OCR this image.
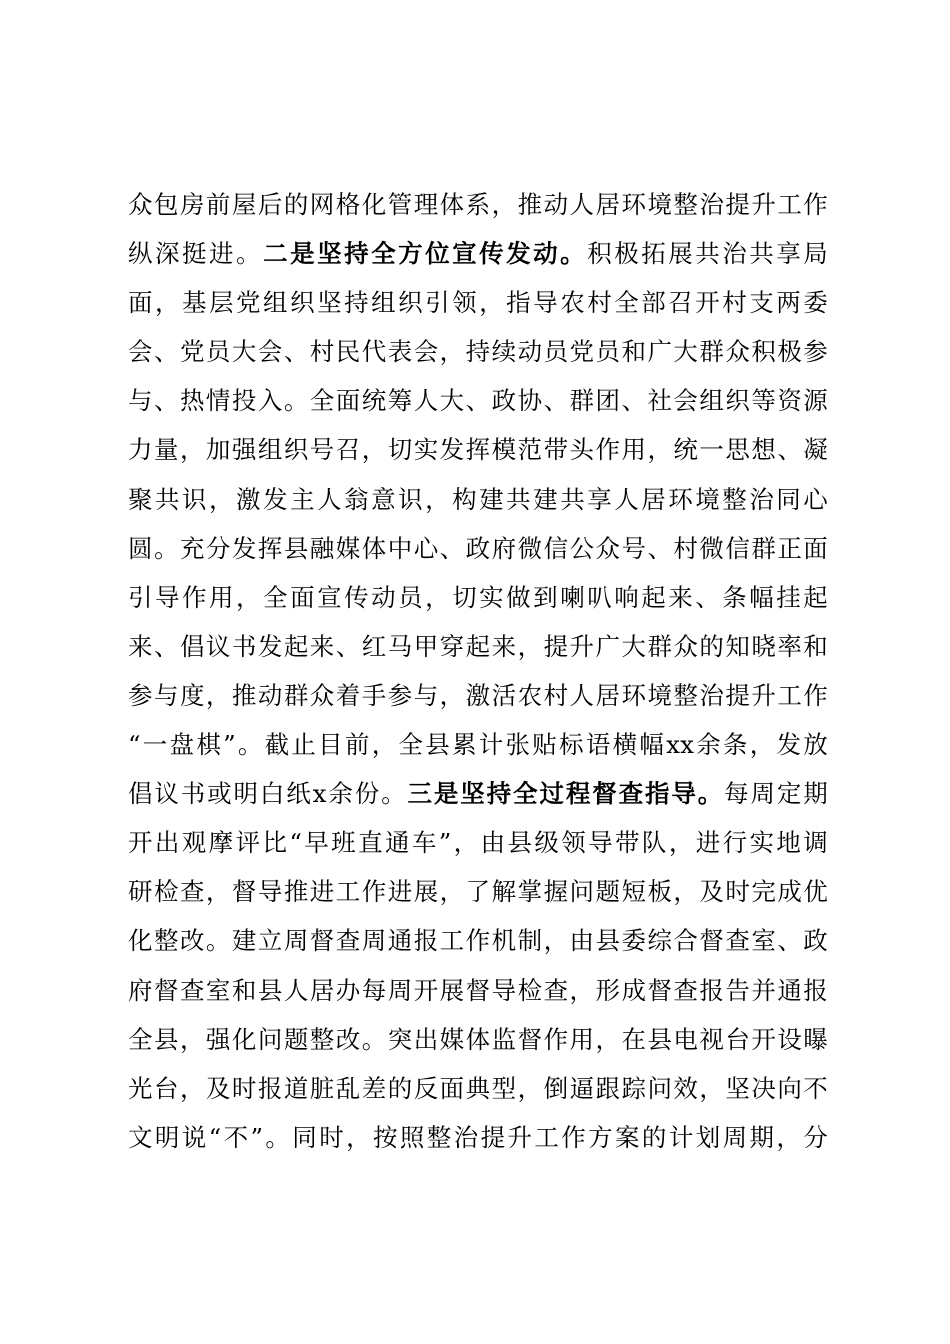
众包房前屋后的网格化管理体系，推动人居环境整治提升工作
纵深挺进。二是坚持全方位宣传发动。积极拓展共治共享局
面，基层党组织坚持组织引领，指导农村全部召开村支两委
会、党员大会、村民代表会，持续动员党员和广大群众积极参
与、热情投入。全面统筹人大、政协、群团、社会组织等资源
力量，加强组织号召，切实发挥模范带头作用，统一思想、凝
聚共识，激发主人翁意识，构建共建共享人居环境整治同心
圆。充分发挥县融媒体中心、政府微信公众号、村微信群正面
引导作用，全面宣传动员，切实做到喇叭响起来、条幅挂起
来、倡议书发起来、红马甲穿起来，提升广大群众的知晓率和
参与度，推动群众着手参与，激活农村人居环境整治提升工作
“一盘棋”。截止目前，全县累计张贴标语横幅xx余条，发放
倡议书或明白纸x余份。三是坚持全过程督查指导。每周定期
开出观摩评比“早班直通车”，由县级领导带队，进行实地调
研检查，督导推进工作进展，了解掌握问题短板，及时完成优
化整改。建立周督查周通报工作机制，由县委综合督查室、政
府督查室和县人居办每周开展督导检查，形成督查报告并通报
全县，强化问题整改。突出媒体监督作用，在县电视台开设曝
光台，及时报道脏乱差的反面典型，倒逼跟踪问效，坚决向不
文明说“不”。同时，按照整治提升工作方案的计划周期，分
